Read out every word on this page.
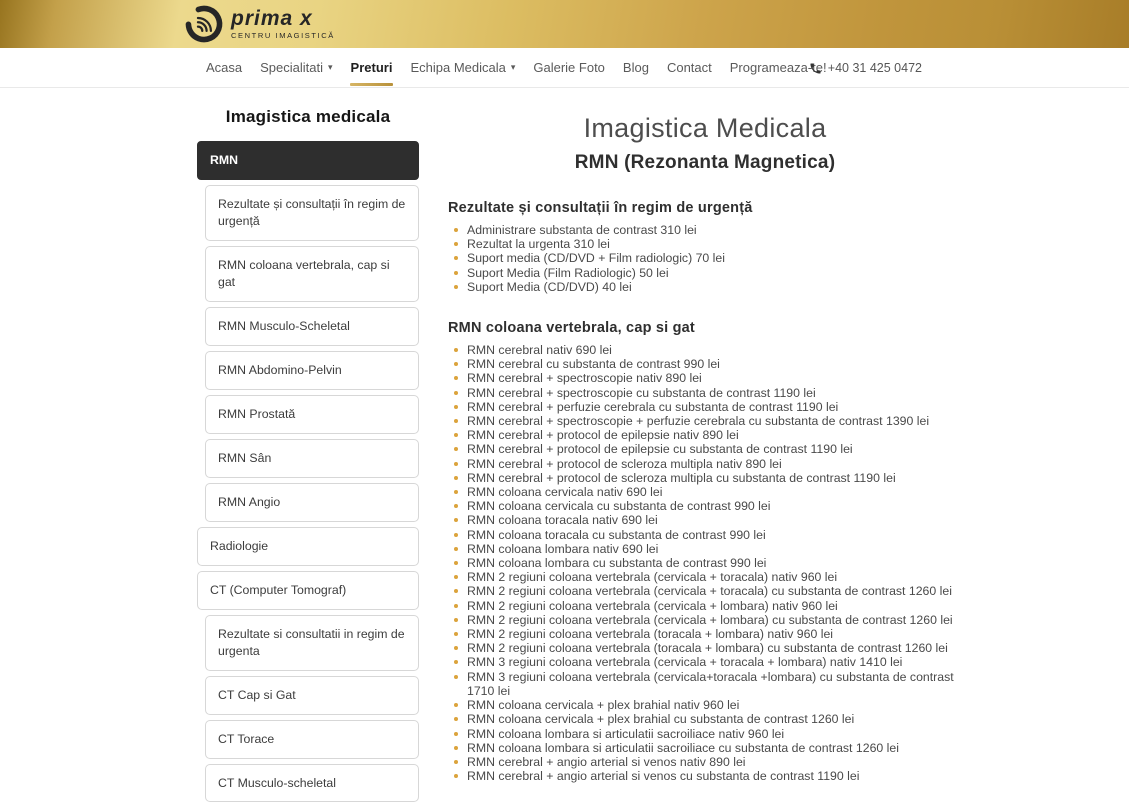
prima x
CENTRU IMAGISTICĂ
Acasa Specialitati ▾ Preturi Echipa Medicala ▾ Galerie Foto Blog Contact Programeaza-te! +40 31 425 0472
Imagistica medicala
RMN
Rezultate și consultații în regim de urgență
RMN coloana vertebrala, cap si gat
RMN Musculo-Scheletal
RMN Abdomino-Pelvin
RMN Prostată
RMN Sân
RMN Angio
Radiologie
CT (Computer Tomograf)
Rezultate si consultatii in regim de urgenta
CT Cap si Gat
CT Torace
CT Musculo-scheletal
Imagistica Medicala
RMN (Rezonanta Magnetica)
Rezultate și consultații în regim de urgență
Administrare substanta de contrast 310 lei
Rezultat la urgenta 310 lei
Suport media (CD/DVD + Film radiologic) 70 lei
Suport Media (Film Radiologic) 50 lei
Suport Media (CD/DVD) 40 lei
RMN coloana vertebrala, cap si gat
RMN cerebral nativ 690 lei
RMN cerebral cu substanta de contrast 990 lei
RMN cerebral + spectroscopie nativ 890 lei
RMN cerebral + spectroscopie cu substanta de contrast 1190 lei
RMN cerebral + perfuzie cerebrala cu substanta de contrast 1190 lei
RMN cerebral + spectroscopie + perfuzie cerebrala cu substanta de contrast 1390 lei
RMN cerebral + protocol de epilepsie nativ 890 lei
RMN cerebral + protocol de epilepsie cu substanta de contrast 1190 lei
RMN cerebral + protocol de scleroza multipla nativ 890 lei
RMN cerebral + protocol de scleroza multipla cu substanta de contrast 1190 lei
RMN coloana cervicala nativ 690 lei
RMN coloana cervicala cu substanta de contrast 990 lei
RMN coloana toracala nativ 690 lei
RMN coloana toracala cu substanta de contrast 990 lei
RMN coloana lombara nativ 690 lei
RMN coloana lombara cu substanta de contrast 990 lei
RMN 2 regiuni coloana vertebrala (cervicala + toracala) nativ 960 lei
RMN 2 regiuni coloana vertebrala (cervicala + toracala) cu substanta de contrast 1260 lei
RMN 2 regiuni coloana vertebrala (cervicala + lombara) nativ 960 lei
RMN 2 regiuni coloana vertebrala (cervicala + lombara) cu substanta de contrast 1260 lei
RMN 2 regiuni coloana vertebrala (toracala + lombara) nativ 960 lei
RMN 2 regiuni coloana vertebrala (toracala + lombara) cu substanta de contrast 1260 lei
RMN 3 regiuni coloana vertebrala (cervicala + toracala + lombara) nativ 1410 lei
RMN 3 regiuni coloana vertebrala (cervicala+toracala +lombara) cu substanta de contrast 1710 lei
RMN coloana cervicala + plex brahial nativ 960 lei
RMN coloana cervicala + plex brahial cu substanta de contrast 1260 lei
RMN coloana lombara si articulatii sacroiliace nativ 960 lei
RMN coloana lombara si articulatii sacroiliace cu substanta de contrast 1260 lei
RMN cerebral + angio arterial si venos nativ 890 lei
RMN cerebral + angio arterial si venos cu substanta de contrast 1190 lei
